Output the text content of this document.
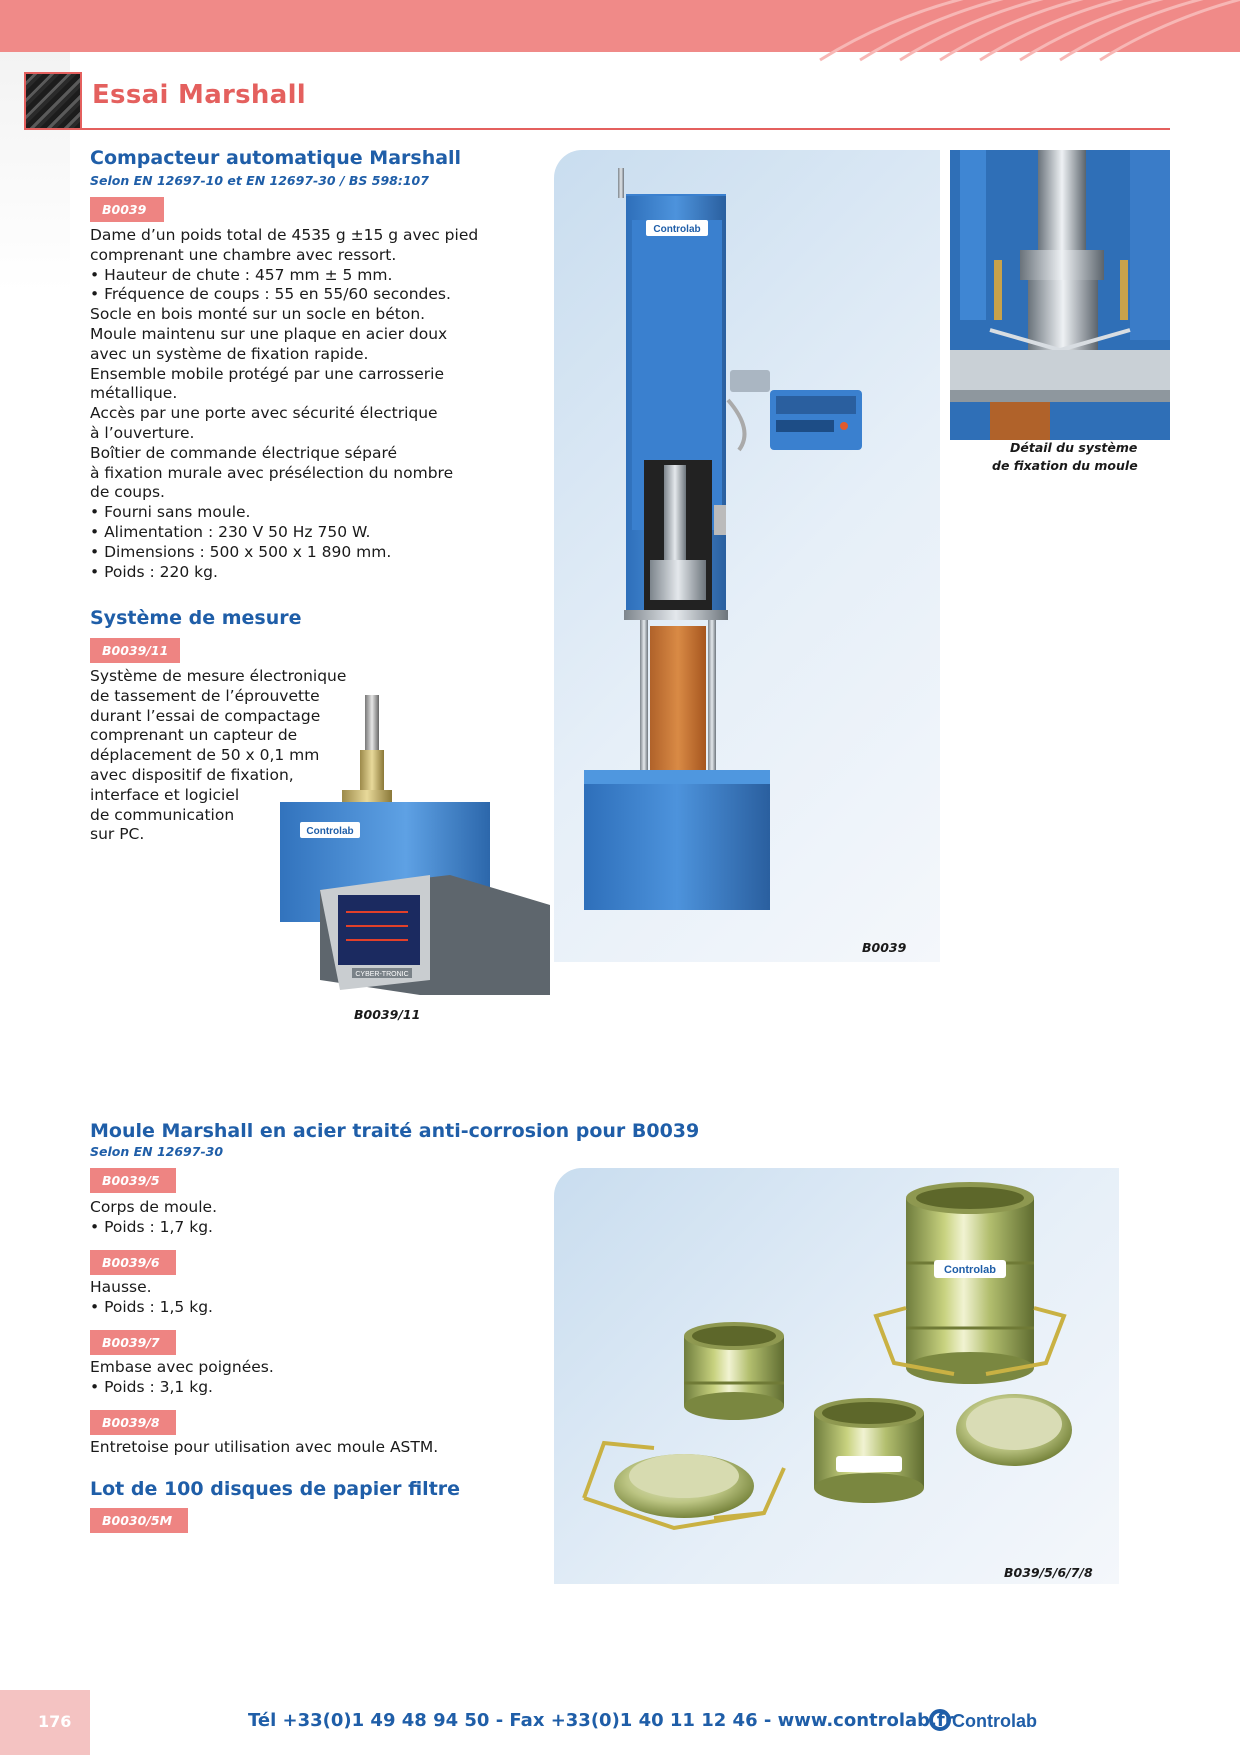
Essai Marshall
Compacteur automatique Marshall
Selon EN 12697-10 et EN 12697-30 / BS 598:107
B0039
Dame d’un poids total de 4535 g ±15 g avec pied
comprenant une chambre avec ressort.
• Hauteur de chute : 457 mm ± 5 mm.
• Fréquence de coups : 55 en 55/60 secondes.
Socle en bois monté sur un socle en béton.
Moule maintenu sur une plaque en acier doux
avec un système de fixation rapide.
Ensemble mobile protégé par une carrosserie
métallique.
Accès par une porte avec sécurité électrique
à l’ouverture.
Boîtier de commande électrique séparé
à fixation murale avec présélection du nombre
de coups.
• Fourni sans moule.
• Alimentation : 230 V 50 Hz 750 W.
• Dimensions : 500 x 500 x 1 890 mm.
• Poids : 220 kg.
Controlab
B0039
Détail du système
de fixation du moule
Système de mesure
B0039/11
Système de mesure électronique
de tassement de l’éprouvette
durant l’essai de compactage
comprenant un capteur de
déplacement de 50 x 0,1 mm
avec dispositif de fixation,
interface et logiciel
de communication
sur PC.	Controlab
CYBER-TRONIC
B0039/11
Moule Marshall en acier traité anti-corrosion pour B0039
Selon EN 12697-30
B0039/5
Corps de moule.
• Poids : 1,7 kg.
B0039/6
Hausse.
• Poids : 1,5 kg.
B0039/7
Embase avec poignées.
• Poids : 3,1 kg.
B0039/8
Entretoise pour utilisation avec moule ASTM.
Controlab
B039/5/6/7/8
Lot de 100 disques de papier filtre
B0030/5M
176	Tél +33(0)1 49 48 94 50 - Fax +33(0)1 40 11 12 46 - www.controlab.fr
Controlab
